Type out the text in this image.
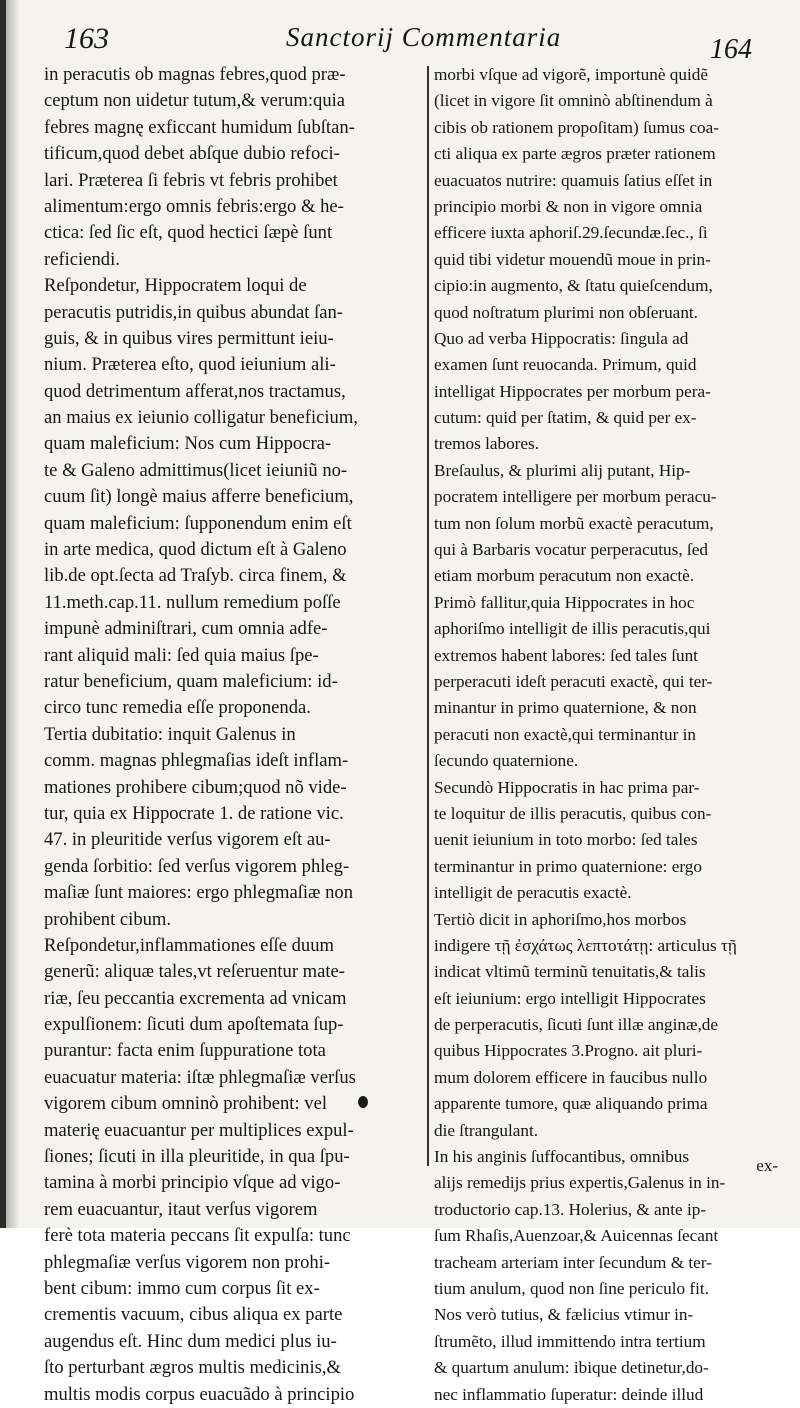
163	Sanctorij Commentaria	164
in peracutis ob magnas febres,quod præ-
ceptum non uidetur tutum,& verum:quia
febres magnę exficcant humidum ſubſtan-
tificum,quod debet abſque dubio refoci-
lari. Præterea ſi febris vt febris prohibet
alimentum:ergo omnis febris:ergo & he-
ctica: ſed ſic eſt, quod hectici ſæpè ſunt
reficiendi.
Reſpondetur, Hippocratem loqui de
peracutis putridis,in quibus abundat ſan-
guis, & in quibus vires permittunt ieiu-
nium. Præterea eſto, quod ieiunium ali-
quod detrimentum afferat,nos tractamus,
an maius ex ieiunio colligatur beneficium,
quam maleficium: Nos cum Hippocra-
te & Galeno admittimus(licet ieiuniũ no-
cuum ſit) longè maius afferre beneficium,
quam maleficium: ſupponendum enim eſt
in arte medica, quod dictum eſt à Galeno
lib.de opt.ſecta ad Traſyb. circa finem, &
11.meth.cap.11. nullum remedium poſſe
impunè adminiſtrari, cum omnia adfe-
rant aliquid mali: ſed quia maius ſpe-
ratur beneficium, quam maleficium: id-
circo tunc remedia eſſe proponenda.
Tertia dubitatio: inquit Galenus in
comm. magnas phlegmaſias ideſt inflam-
mationes prohibere cibum;quod nõ vide-
tur, quia ex Hippocrate 1. de ratione vic.
47. in pleuritide verſus vigorem eſt au-
genda ſorbitio: ſed verſus vigorem phleg-
maſiæ ſunt maiores: ergo phlegmaſiæ non
prohibent cibum.
Reſpondetur,inflammationes eſſe duum
generũ: aliquæ tales,vt reſeruentur mate-
riæ, ſeu peccantia excrementa ad vnicam
expulſionem: ſicuti dum apoſtemata ſup-
purantur: facta enim ſuppuratione tota
euacuatur materia: iſtæ phlegmaſiæ verſus
vigorem cibum omninò prohibent: vel
materię euacuantur per multiplices expul-
ſiones; ſicuti in illa pleuritide, in qua ſpu-
tamina à morbi principio vſque ad vigo-
rem euacuantur, itaut verſus vigorem
ferè tota materia peccans ſit expulſa: tunc
phlegmaſiæ verſus vigorem non prohi-
bent cibum: immo cum corpus ſit ex-
crementis vacuum, cibus aliqua ex parte
augendus eſt. Hinc dum medici plus iu-
ſto perturbant ægros multis medicinis,&
multis modis corpus euacuãdo à principio
morbi vſque ad vigorẽ, importunè quidẽ
(licet in vigore ſit omninò abſtinendum à
cibis ob rationem propoſitam) ſumus coa-
cti aliqua ex parte ægros præter rationem
euacuatos nutrire: quamuis ſatius eſſet in
principio morbi & non in vigore omnia
efficere iuxta aphoriſ.29.ſecundæ.ſec., ſi
quid tibi videtur mouendũ moue in prin-
cipio:in augmento, & ſtatu quieſcendum,
quod noſtratum plurimi non obſeruant.
Quo ad verba Hippocratis: ſingula ad
examen ſunt reuocanda. Primum, quid
intelligat Hippocrates per morbum pera-
cutum: quid per ſtatim, & quid per ex-
tremos labores.
Breſaulus, & plurimi alij putant, Hip-
pocratem intelligere per morbum peracu-
tum non ſolum morbũ exactè peracutum,
qui à Barbaris vocatur perperacutus, ſed
etiam morbum peracutum non exactè.
Primò fallitur,quia Hippocrates in hoc
aphoriſmo intelligit de illis peracutis,qui
extremos habent labores: ſed tales ſunt
perperacuti ideſt peracuti exactè, qui ter-
minantur in primo quaternione, & non
peracuti non exactè,qui terminantur in
ſecundo quaternione.
Secundò Hippocratis in hac prima par-
te loquitur de illis peracutis, quibus con-
uenit ieiunium in toto morbo: ſed tales
terminantur in primo quaternione: ergo
intelligit de peracutis exactè.
Tertiò dicit in aphoriſmo,hos morbos
indigere τῇ ἐσχάτως λεπτοτάτῃ: articulus τῇ
indicat vltimũ terminũ tenuitatis,& talis
eſt ieiunium: ergo intelligit Hippocrates
de perperacutis, ſicuti ſunt illæ anginæ,de
quibus Hippocrates 3.Progno. ait pluri-
mum dolorem efficere in faucibus nullo
apparente tumore, quæ aliquando prima
die ſtrangulant.
In his anginis ſuffocantibus, omnibus
alijs remedijs prius expertis,Galenus in in-
troductorio cap.13. Holerius, & ante ip-
ſum Rhaſis,Auenzoar,& Auicennas ſecant
tracheam arteriam inter ſecundum & ter-
tium anulum, quod non ſine periculo fit.
Nos verò tutius, & fælicius vtimur in-
ſtrumẽto, illud immittendo intra tertium
& quartum anulum: ibique detinetur,do-
nec inflammatio ſuperatur: deinde illud
ex-
